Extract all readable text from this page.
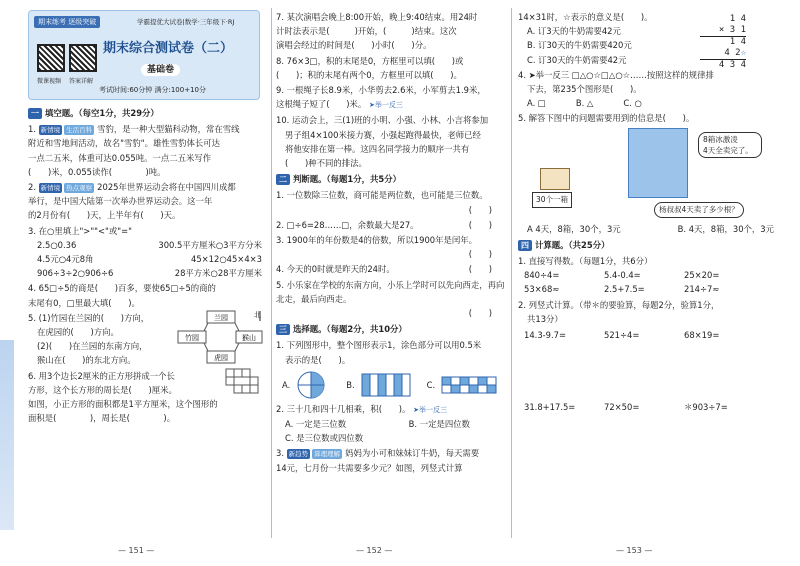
期末练考 逐级突破	学霸提优大试卷|数学·三年级下·RJ
微课视频 答案详解
期末综合测试卷（二）
基础卷
考试时间:60分钟 满分:100+10分
一 填空题。（每空1分，共29分）
1. 新情境 生活百科 雪豹，是一种大型猫科动物，常在雪线
附近和雪地间活动，故名"雪豹"。雄性雪豹体长可达
一点二五米，体重可达0.055吨。一点二五米写作
(　　)米，0.055读作(　　　　)吨。
2. 新情境 热点观察 2025年世界运动会将在中国四川成都
举行，是中国大陆第一次举办世界运动会。这一年
的2月份有(　　)天，上半年有(　　)天。
3. 在○里填上">""<"或"="
2.5○0.36	300.5平方厘米○3平方分米
4.5元○4元8角	45×12○45×4×3
906÷3÷2○906÷6	28平方米○28平方厘米
4. 65□÷5的商是(　　)百多，要使65□÷5的商的
末尾有0，□里最大填(　　)。
5. (1)竹园在兰园的(　　)方向，
在虎园的(　　)方向。
(2)(　　)在兰园的东南方向，
猴山在(　　)的东北方向。
兰园
竹园	猴山
虎园
北
6. 用3个边长2厘米的正方形拼成一个长
方形，这个长方形的周长是(　　)厘米。
如图，小正方形的面积都是1平方厘米，这个图形的
面积是(　　　　)，周长是(　　　　)。
— 151 —
7. 某次演唱会晚上8:00开始，晚上9:40结束。用24时
计时法表示是(　　　)开始，(　　　)结束。这次
演唱会经过的时间是(　　)小时(　　)分。
8. 76×3□，积的末尾是0，方框里可以填(　　)或
(　　)；积的末尾有两个0，方框里可以填(　　)。
9. 一根绳子长8.9米，小华剪去2.6米，小军剪去1.9米，
这根绳子短了(　　)米。 ➤举一反三
10. 运动会上，三(1)班的小明、小强、小林、小言将参加
男子组4×100米接力赛，小强起跑得最快，老师已经
将他安排在第一棒。这四名同学接力的顺序一共有
(　　)种不同的排法。
二 判断题。（每题1分，共5分）
1. 一位数除三位数，商可能是两位数，也可能是三位数。
(　　)
2. □÷6=28……□，余数最大是27。	(　　)
3. 1900年的年份数是4的倍数，所以1900年是闰年。
(　　)
4. 今天的0时就是昨天的24时。	(　　)
5. 小乐家在学校的东南方向，小乐上学时可以先向西走，再向北走，最后向西走。
(　　)
三 选择题。（每题2分，共10分）
1. 下列图形中，整个图形表示1，涂色部分可以用0.5米
表示的是(　　)。
A.	B.	C.
2. 三十几和四十几相乘，积(　　)。 ➤举一反三
A. 一定是三位数	B. 一定是四位数
C. 是三位数或四位数
3. 新趋势 算理理解 妈妈为小可和妹妹订牛奶，每天需要
14元，七月份一共需要多少元？如图，列竖式计算
— 152 —
14×31时，☆表示的意义是(　　)。
A. 订3天的牛奶需要42元
B. 订30天的牛奶需要420元
C. 订30天的牛奶需要42元
4. ➤举一反三 □△○☆□△○☆……按照这样的规律排
下去，第235个图形是(　　)。
A. □	B. △	C. ○
5. 解答下图中的问题需要用到的信息是(　　)。
8箱冰激凌
4天全卖完了。
30个一箱
杨叔叔4天卖了多少根？
A 4天，8箱，30个，3元	B. 4天，8箱，30个，3元
四 计算题。（共25分）
1. 直接写得数。（每题1分，共6分）
840÷4=	5.4-0.4=	25×20=
53×68≈	2.5+7.5=	214÷7≈
2. 列竖式计算。（带＊的要验算，每题2分，验算1分，
共13分）
14.3-9.7=	521÷4=	68×19=
31.8+17.5=	72×50=	＊903÷7=
1 4
× 3 1
1 4
4 2☆
4 3 4
— 153 —
